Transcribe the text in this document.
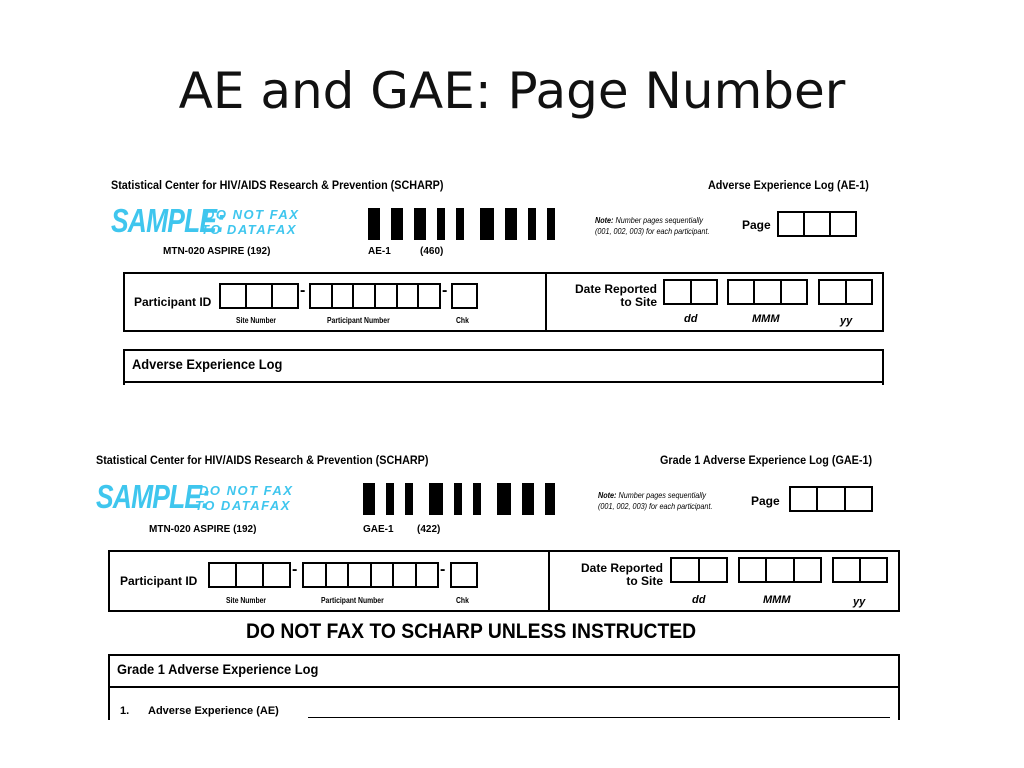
AE and GAE: Page Number
Statistical Center for HIV/AIDS Research & Prevention (SCHARP)	Adverse Experience Log (AE-1)
SAMPLE:
DO NOT FAX
TO DATAFAX
MTN-020 ASPIRE (192)	AE-1	(460)
Note: Number pages sequentially
(001, 002, 003) for each participant.	Page
Participant ID
-	-
Site Number	Participant Number	Chk
Date Reported
to Site
dd	MMM	yy
Adverse Experience Log
Statistical Center for HIV/AIDS Research & Prevention (SCHARP)	Grade 1 Adverse Experience Log (GAE-1)
SAMPLE:
DO NOT FAX
TO DATAFAX
MTN-020 ASPIRE (192)	GAE-1 (422)
Note: Number pages sequentially
(001, 002, 003) for each participant.	Page
Participant ID
-	-
Site Number	Participant Number	Chk
Date Reported
to Site
dd	MMM	yy
DO NOT FAX TO SCHARP UNLESS INSTRUCTED
Grade 1 Adverse Experience Log
1. Adverse Experience (AE)
